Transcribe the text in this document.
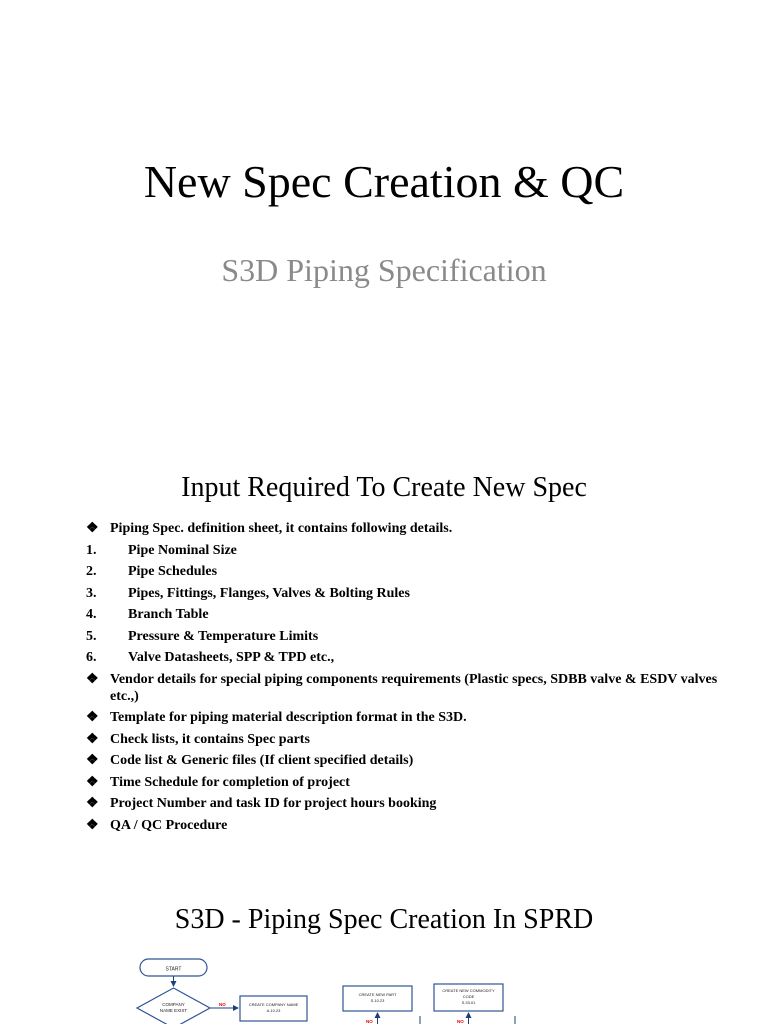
New Spec Creation & QC
S3D Piping Specification
Input Required To Create New Spec
❖ Piping Spec. definition sheet, it contains following details.
1.	Pipe Nominal Size
2.	Pipe Schedules
3.	Pipes, Fittings, Flanges, Valves & Bolting Rules
4.	Branch Table
5.	Pressure & Temperature Limits
6.	Valve Datasheets, SPP & TPD etc.,
❖ Vendor details for special piping components requirements (Plastic specs, SDBB valve & ESDV valves etc.,)
❖ Template for piping material description format in the S3D.
❖ Check lists, it contains Spec parts
❖ Code list & Generic files (If client specified details)
❖ Time Schedule for completion of project
❖ Project Number and task ID for project hours booking
❖ QA / QC Procedure
S3D - Piping Spec Creation In SPRD
START
COMPANY
NAME EXIST
NO	CREATE COMPANY NAME
A.10.23
CREATE NEW PART
S.10.23
NO
CREATE NEW COMMODITY
CODE
S.33.01
NO
